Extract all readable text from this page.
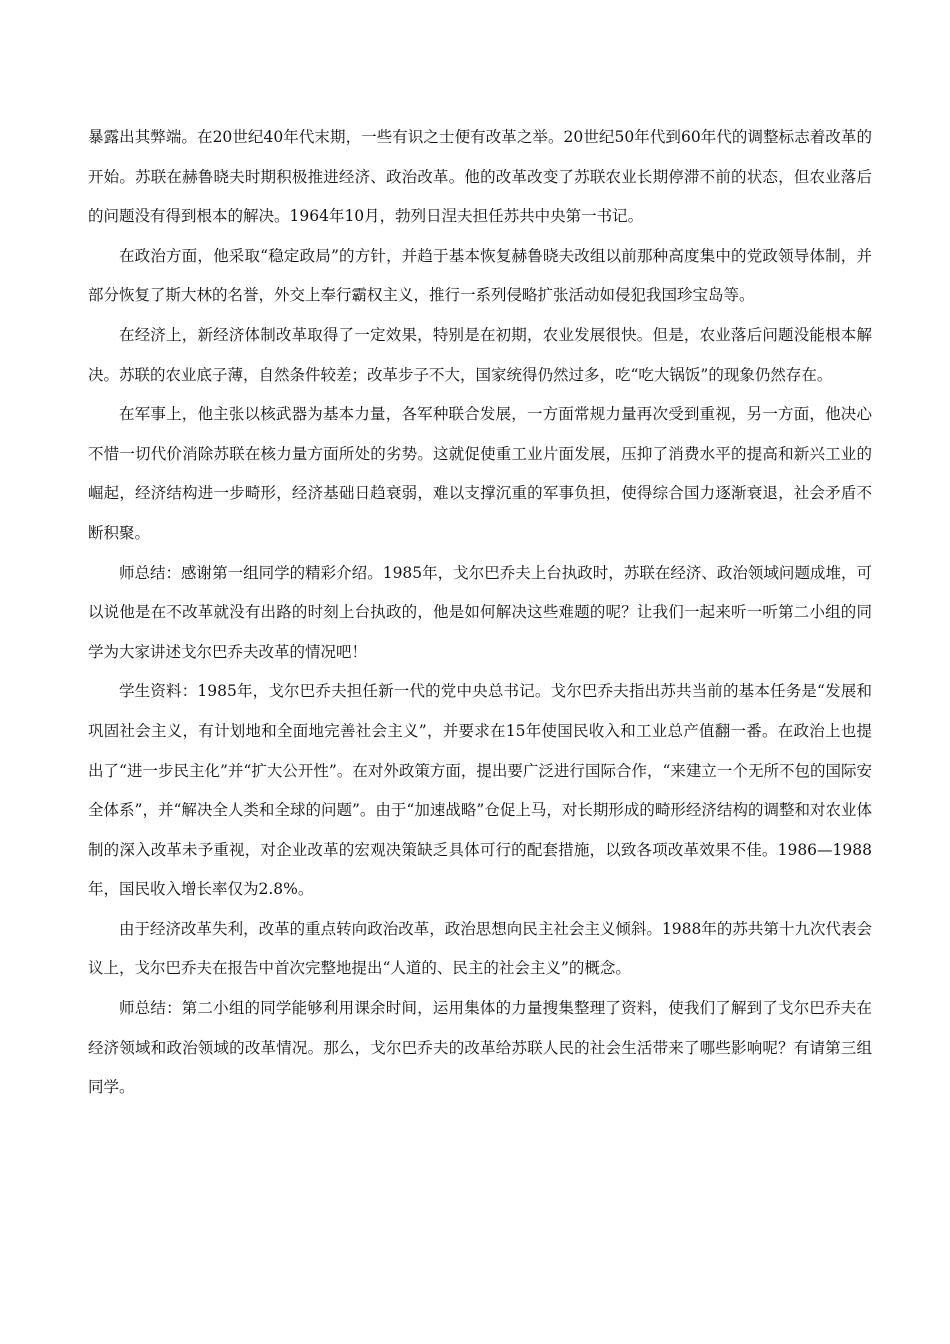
暴露出其弊端。在20世纪40年代末期，一些有识之士便有改革之举。20世纪50年代到60年代的调整标志着改革的开始。苏联在赫鲁晓夫时期积极推进经济、政治改革。他的改革改变了苏联农业长期停滞不前的状态，但农业落后的问题没有得到根本的解决。1964年10月，勃列日涅夫担任苏共中央第一书记。

在政治方面，他采取“稳定政局”的方针，并趋于基本恢复赫鲁晓夫改组以前那种高度集中的党政领导体制，并部分恢复了斯大林的名誉，外交上奉行霸权主义，推行一系列侵略扩张活动如侵犯我国珍宝岛等。

在经济上，新经济体制改革取得了一定效果，特别是在初期，农业发展很快。但是，农业落后问题没能根本解决。苏联的农业底子薄，自然条件较差；改革步子不大，国家统得仍然过多，吃“吃大锅饭”的现象仍然存在。

在军事上，他主张以核武器为基本力量，各军种联合发展，一方面常规力量再次受到重视，另一方面，他决心不惜一切代价消除苏联在核力量方面所处的劣势。这就促使重工业片面发展，压抑了消费水平的提高和新兴工业的崛起，经济结构进一步畸形，经济基础日趋衰弱，难以支撑沉重的军事负担，使得综合国力逐渐衰退，社会矛盾不断积聚。

师总结：感谢第一组同学的精彩介绍。1985年，戈尔巴乔夫上台执政时，苏联在经济、政治领域问题成堆，可以说他是在不改革就没有出路的时刻上台执政的，他是如何解决这些难题的呢？让我们一起来听一听第二小组的同学为大家讲述戈尔巴乔夫改革的情况吧！

学生资料：1985年，戈尔巴乔夫担任新一代的党中央总书记。戈尔巴乔夫指出苏共当前的基本任务是“发展和巩固社会主义，有计划地和全面地完善社会主义”，并要求在15年使国民收入和工业总产值翻一番。在政治上也提出了“进一步民主化”并“扩大公开性”。在对外政策方面，提出要广泛进行国际合作，“来建立一个无所不包的国际安全体系”，并“解决全人类和全球的问题”。由于“加速战略”仓促上马，对长期形成的畸形经济结构的调整和对农业体制的深入改革未予重视，对企业改革的宏观决策缺乏具体可行的配套措施，以致各项改革效果不佳。1986—1988年，国民收入增长率仅为2.8%。

由于经济改革失利，改革的重点转向政治改革，政治思想向民主社会主义倾斜。1988年的苏共第十九次代表会议上，戈尔巴乔夫在报告中首次完整地提出“人道的、民主的社会主义”的概念。

师总结：第二小组的同学能够利用课余时间，运用集体的力量搜集整理了资料，使我们了解到了戈尔巴乔夫在经济领域和政治领域的改革情况。那么，戈尔巴乔夫的改革给苏联人民的社会生活带来了哪些影响呢？有请第三组同学。
